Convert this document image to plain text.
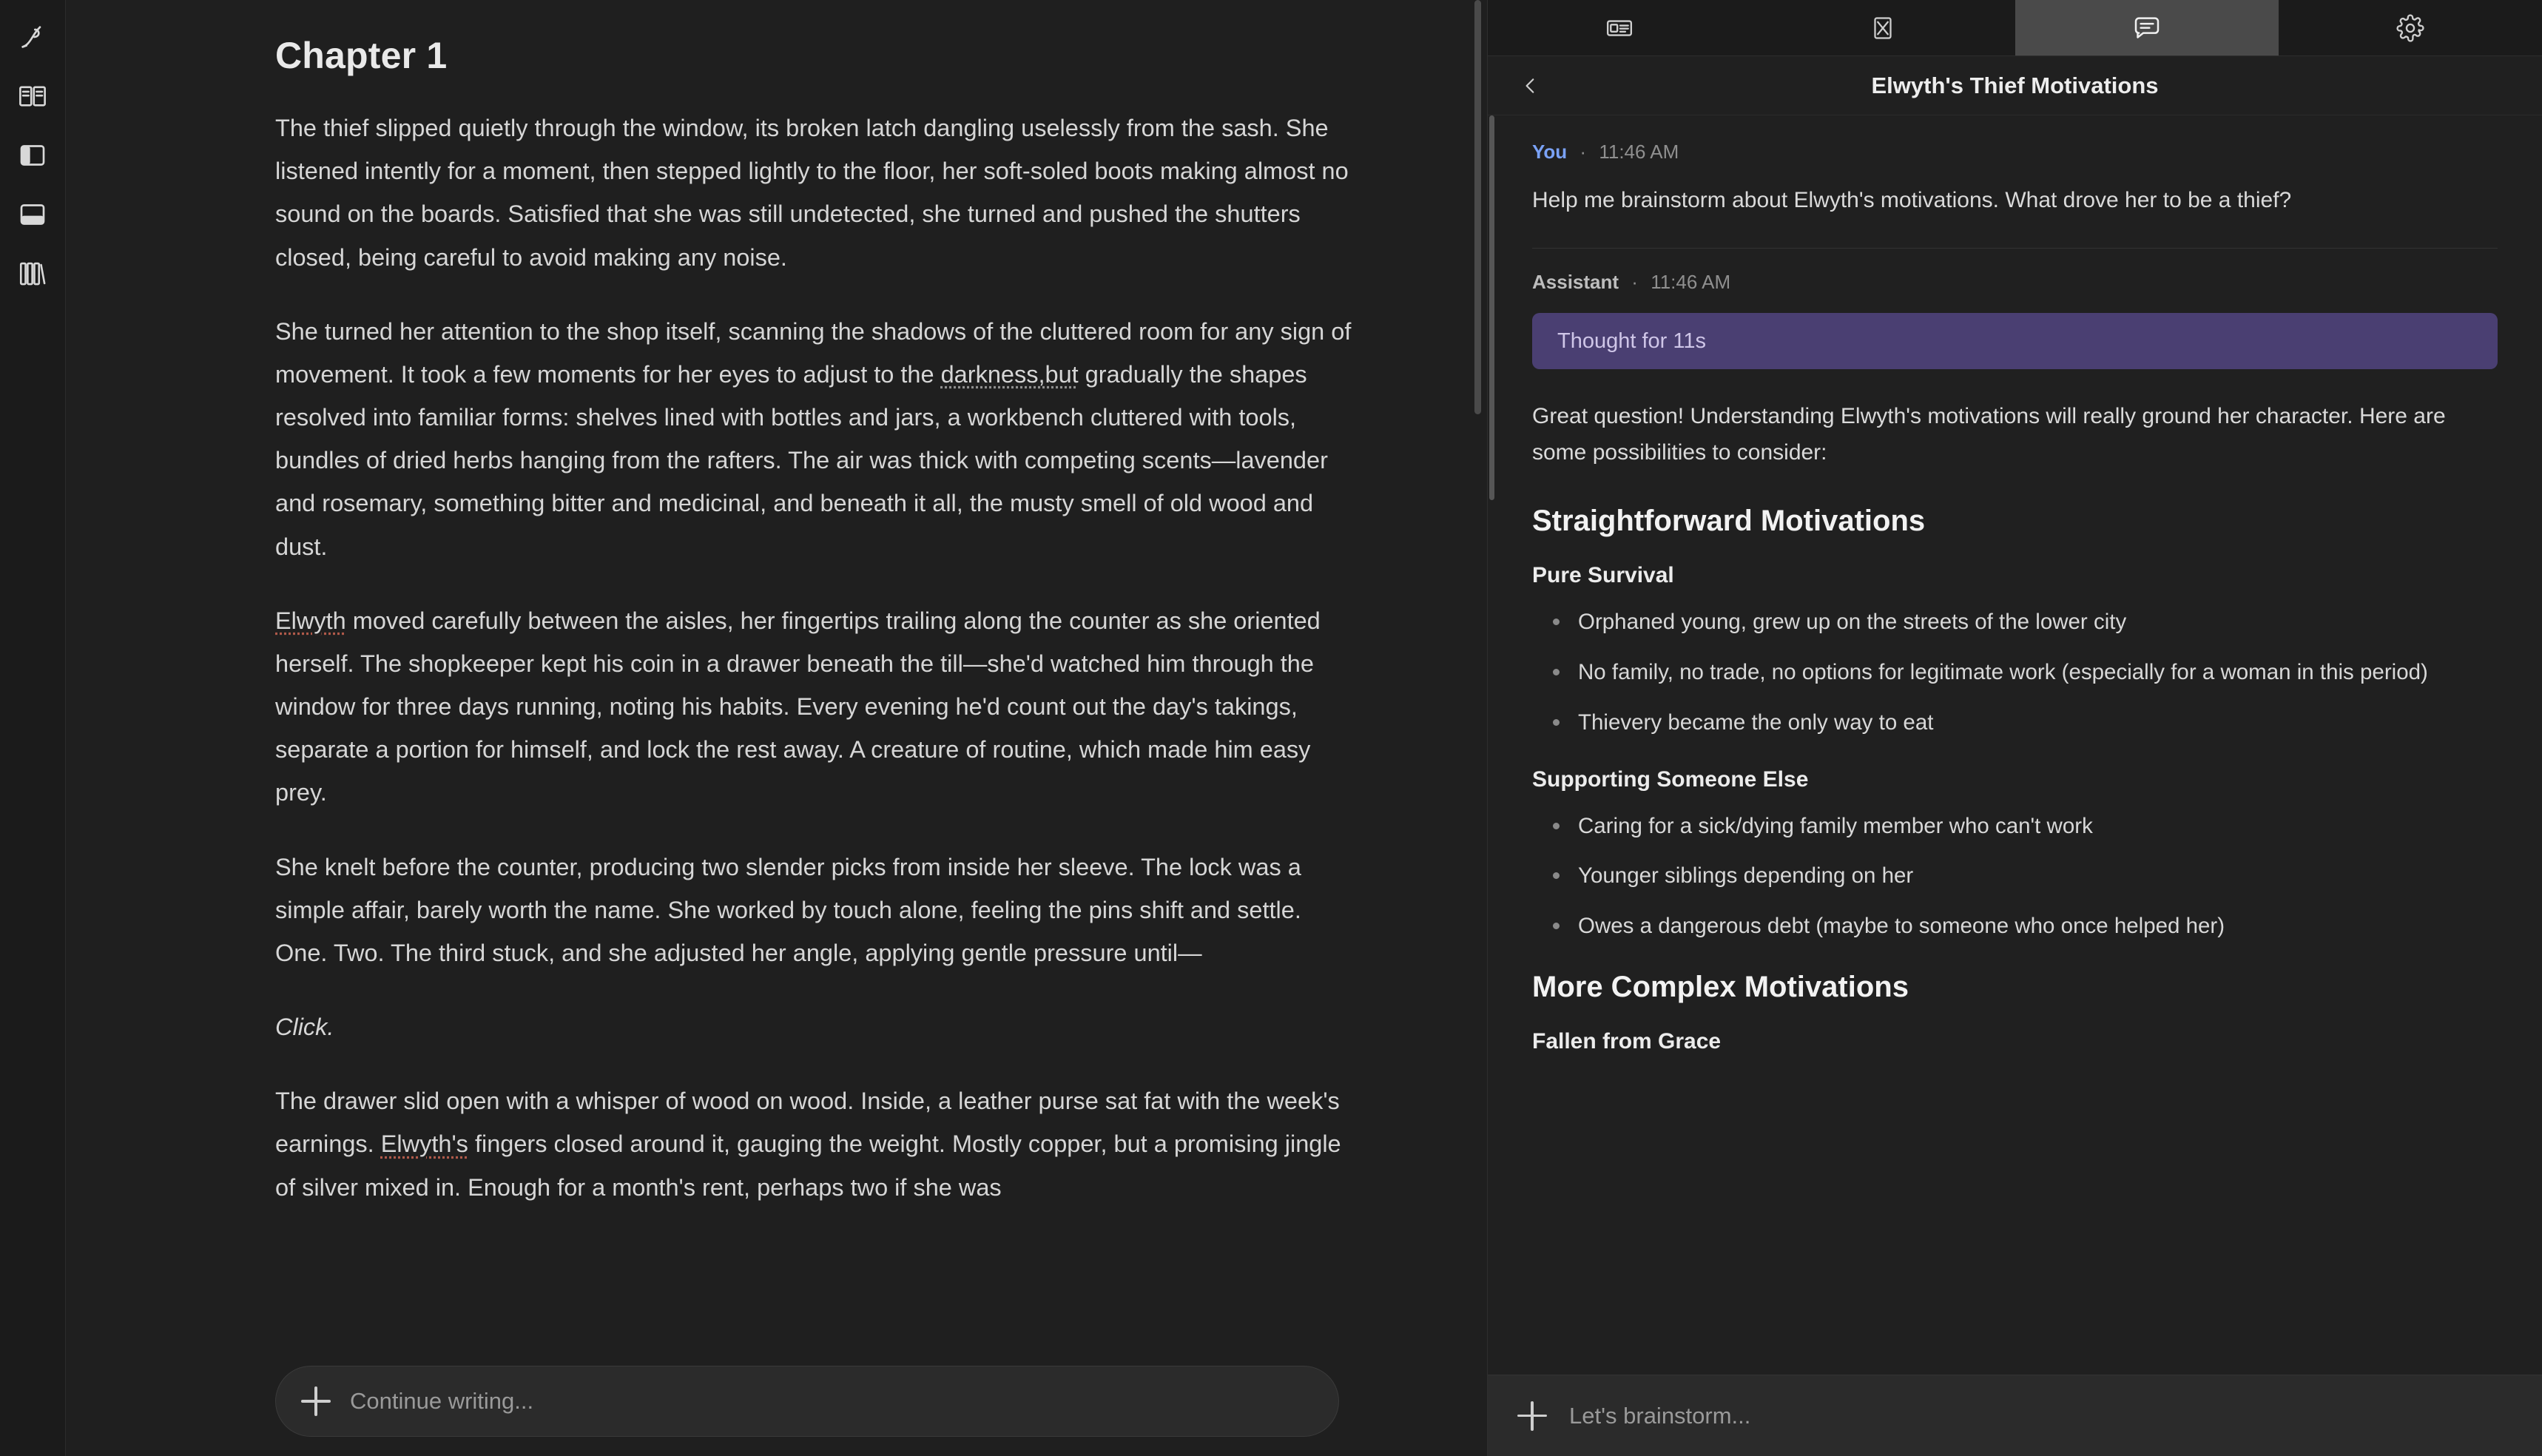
Chapter 1

The thief slipped quietly through the window, its broken latch dangling uselessly from the sash. She listened intently for a moment, then stepped lightly to the floor, her soft-soled boots making almost no sound on the boards. Satisfied that she was still undetected, she turned and pushed the shutters closed, being careful to avoid making any noise.

She turned her attention to the shop itself, scanning the shadows of the cluttered room for any sign of movement. It took a few moments for her eyes to adjust to the darkness,but gradually the shapes resolved into familiar forms: shelves lined with bottles and jars, a workbench cluttered with tools, bundles of dried herbs hanging from the rafters. The air was thick with competing scents—lavender and rosemary, something bitter and medicinal, and beneath it all, the musty smell of old wood and dust.

Elwyth moved carefully between the aisles, her fingertips trailing along the counter as she oriented herself. The shopkeeper kept his coin in a drawer beneath the till—she'd watched him through the window for three days running, noting his habits. Every evening he'd count out the day's takings, separate a portion for himself, and lock the rest away. A creature of routine, which made him easy prey.

She knelt before the counter, producing two slender picks from inside her sleeve. The lock was a simple affair, barely worth the name. She worked by touch alone, feeling the pins shift and settle. One. Two. The third stuck, and she adjusted her angle, applying gentle pressure until—

Click.

The drawer slid open with a whisper of wood on wood. Inside, a leather purse sat fat with the week's earnings. Elwyth's fingers closed around it, gauging the weight. Mostly copper, but a promising jingle of silver mixed in. Enough for a month's rent, perhaps two if she was

Continue writing...
Elwyth's Thief Motivations
You · 11:46 AM
Help me brainstorm about Elwyth's motivations. What drove her to be a thief?
Assistant · 11:46 AM
Thought for 11s
Great question! Understanding Elwyth's motivations will really ground her character. Here are some possibilities to consider:
Straightforward Motivations
Pure Survival
Orphaned young, grew up on the streets of the lower city
No family, no trade, no options for legitimate work (especially for a woman in this period)
Thievery became the only way to eat
Supporting Someone Else
Caring for a sick/dying family member who can't work
Younger siblings depending on her
Owes a dangerous debt (maybe to someone who once helped her)
More Complex Motivations
Fallen from Grace
Let's brainstorm...
